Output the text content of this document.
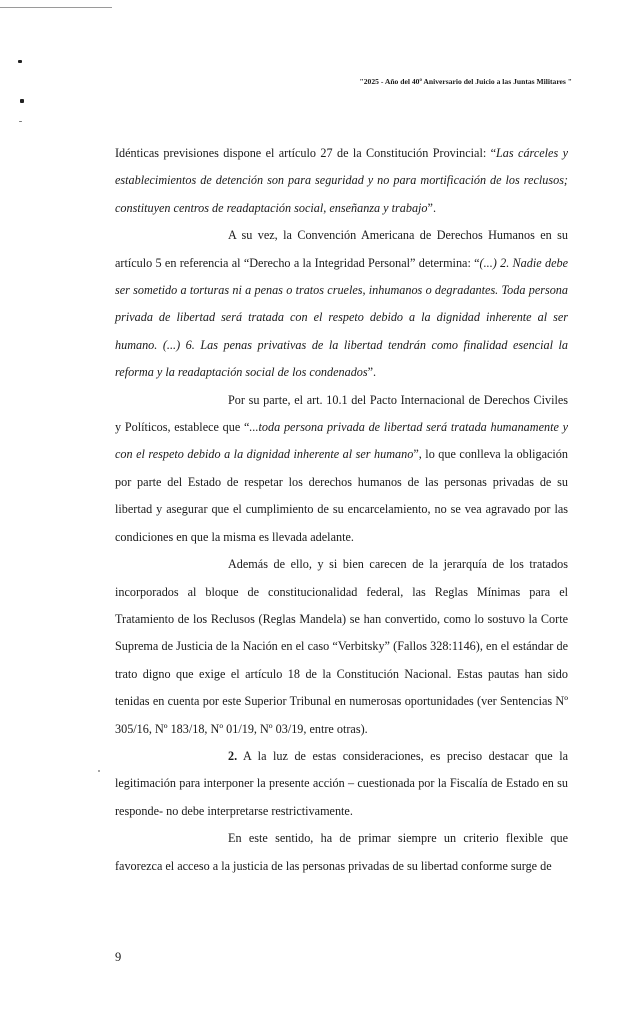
"2025 - Año del 40º Aniversario del Juicio a las Juntas Militares "

Idénticas previsiones dispone el artículo 27 de la Constitución Provincial: “Las cárceles y establecimientos de detención son para seguridad y no para mortificación de los reclusos; constituyen centros de readaptación social, enseñanza y trabajo”.

A su vez, la Convención Americana de Derechos Humanos en su artículo 5 en referencia al “Derecho a la Integridad Personal” determina: “(...) 2. Nadie debe ser sometido a torturas ni a penas o tratos crueles, inhumanos o degradantes. Toda persona privada de libertad será tratada con el respeto debido a la dignidad inherente al ser humano. (...) 6. Las penas privativas de la libertad tendrán como finalidad esencial la reforma y la readaptación social de los condenados”.

Por su parte, el art. 10.1 del Pacto Internacional de Derechos Civiles y Políticos, establece que “...toda persona privada de libertad será tratada humanamente y con el respeto debido a la dignidad inherente al ser humano”, lo que conlleva la obligación por parte del Estado de respetar los derechos humanos de las personas privadas de su libertad y asegurar que el cumplimiento de su encarcelamiento, no se vea agravado por las condiciones en que la misma es llevada adelante.

Además de ello, y si bien carecen de la jerarquía de los tratados incorporados al bloque de constitucionalidad federal, las Reglas Mínimas para el Tratamiento de los Reclusos (Reglas Mandela) se han convertido, como lo sostuvo la Corte Suprema de Justicia de la Nación en el caso “Verbitsky” (Fallos 328:1146), en el estándar de trato digno que exige el artículo 18 de la Constitución Nacional. Estas pautas han sido tenidas en cuenta por este Superior Tribunal en numerosas oportunidades (ver Sentencias Nº 305/16, Nº 183/18, Nº 01/19, Nº 03/19, entre otras).

2. A la luz de estas consideraciones, es preciso destacar que la legitimación para interponer la presente acción – cuestionada por la Fiscalía de Estado en su responde- no debe interpretarse restrictivamente.

En este sentido, ha de primar siempre un criterio flexible que favorezca el acceso a la justicia de las personas privadas de su libertad conforme surge de

9
